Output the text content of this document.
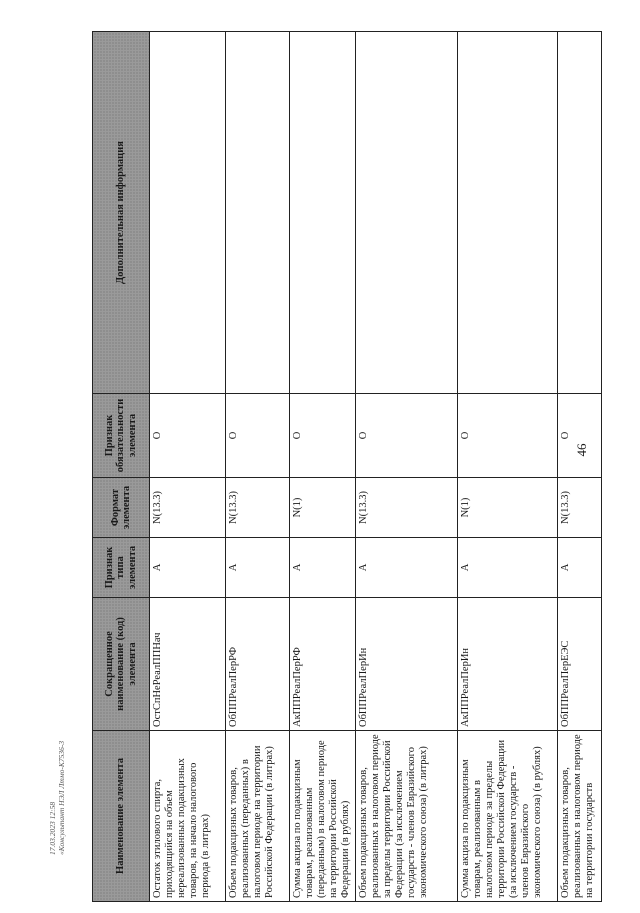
46
Наименование элемента	Сокращенное наименование (код) элемента	Признак типа элемента	Формат элемента	Признак обязательности элемента	Дополнительная информация
Остаток этилового спирта, приходящийся на объем нереализованных подакцизных товаров, на начало налогового периода (в литрах)	ОстСпНеРеалППНач	А	N(13.3)	О	
Объем подакцизных товаров, реализованных (переданных) в налоговом периоде на территории Российской Федерации (в литрах)	ОбППРеалПерРФ	А	N(13.3)	О	
Сумма акциза по подакцизным товарам, реализованным (переданным) в налоговом периоде на территории Российской Федерации (в рублях)	АкППРеалПерРФ	А	N(1)	О	
Объем подакцизных товаров, реализованных в налоговом периоде за пределы территории Российской Федерации (за исключением государств - членов Евразийского экономического союза) (в литрах)	ОбППРеалПерИн	А	N(13.3)	О	
Сумма акциза по подакцизным товарам, реализованным в налоговом периоде за пределы территории Российской Федерации (за исключением государств - членов Евразийского экономического союза) (в рублях)	АкППРеалПерИн	А	N(1)	О	
Объем подакцизных товаров, реализованных в налоговом периоде на территории государств	ОбППРеалПерЕЭС	А	N(13.3)	О	
17.03.2023 12:58 «Консультант НЭЛ Лтмо-К7536-3
